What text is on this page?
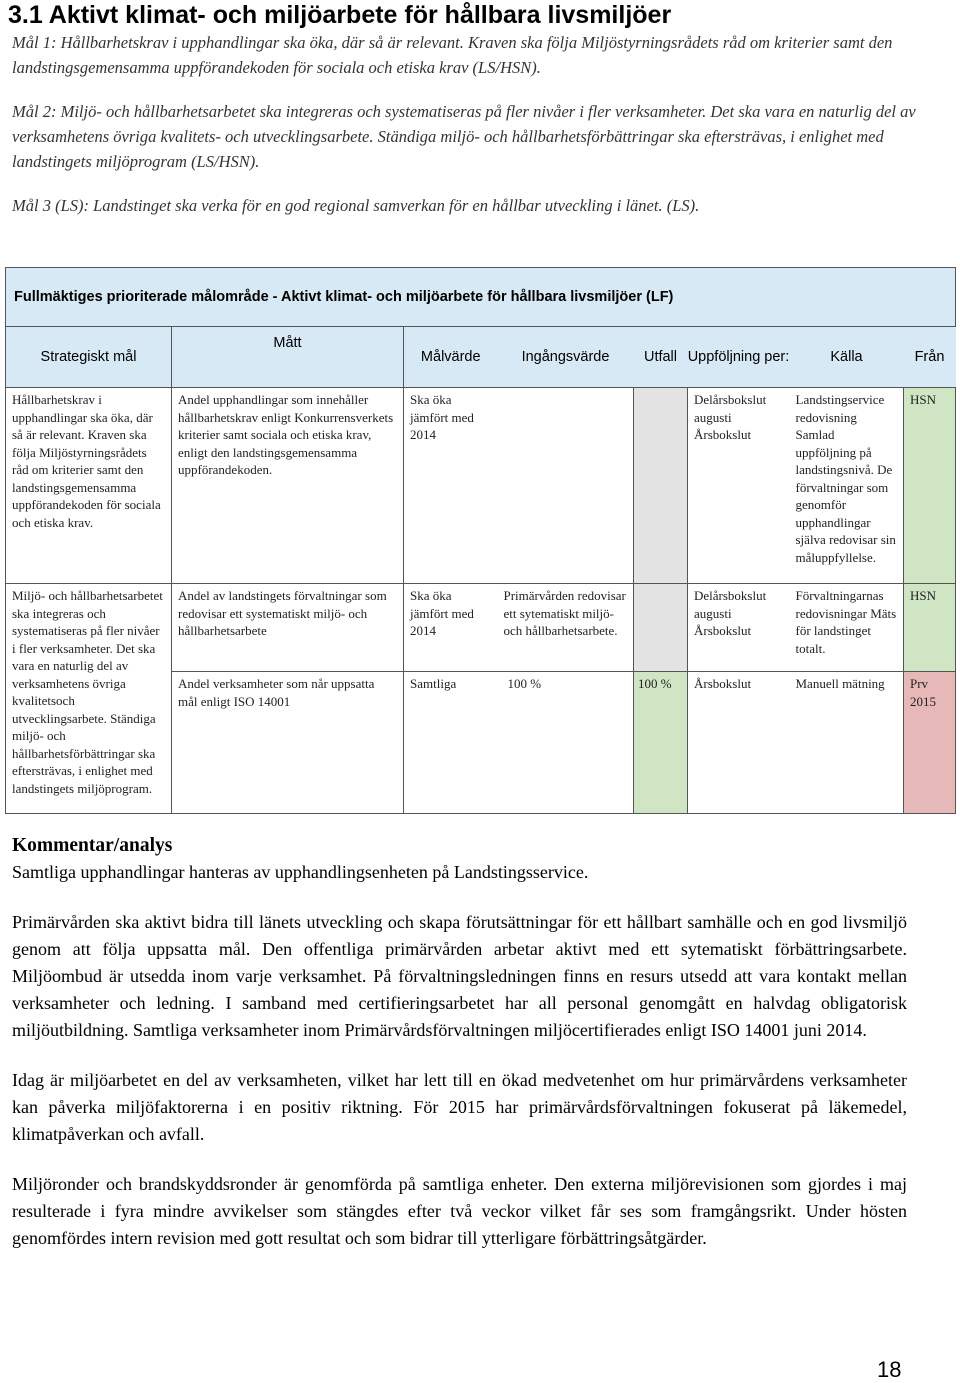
3.1 Aktivt klimat- och miljöarbete för hållbara livsmiljöer

Mål 1: Hållbarhetskrav i upphandlingar ska öka, där så är relevant. Kraven ska följa Miljöstyrningsrådets råd om kriterier samt den landstingsgemensamma uppförandekoden för sociala och etiska krav (LS/HSN).

Mål 2: Miljö- och hållbarhetsarbetet ska integreras och systematiseras på fler nivåer i fler verksamheter. Det ska vara en naturlig del av verksamhetens övriga kvalitets- och utvecklingsarbete. Ständiga miljö- och hållbarhetsförbättringar ska eftersträvas, i enlighet med landstingets miljöprogram (LS/HSN).

Mål 3 (LS): Landstinget ska verka för en god regional samverkan för en hållbar utveckling i länet. (LS).

Fullmäktiges prioriterade målområde - Aktivt klimat- och miljöarbete för hållbara livsmiljöer (LF)							
Strategiskt mål	Mått	Målvärde	Ingångsvärde	Utfall	Uppföljning per:	Källa	Från
Hållbarhetskrav i upphandlingar ska öka, där så är relevant. Kraven ska följa Miljöstyrningsrådets råd om kriterier samt den landstingsgemensamma uppförandekoden för sociala och etiska krav.	Andel upphandlingar som innehåller hållbarhetskrav enligt Konkurrensverkets kriterier samt sociala och etiska krav, enligt den landstingsgemensamma uppförandekoden.	Ska öka jämfört med 2014			Delårsbokslut augusti Årsbokslut	Landstingservice redovisning Samlad uppföljning på landstingsnivå. De förvaltningar som genomför upphandlingar själva redovisar sin måluppfyllelse.	HSN
Miljö- och hållbarhetsarbetet ska integreras och systematiseras på fler nivåer i fler verksamheter. Det ska vara en naturlig del av verksamhetens övriga kvalitetsoch utvecklingsarbete. Ständiga miljö- och hållbarhetsförbättringar ska eftersträvas, i enlighet med landstingets miljöprogram.	Andel av landstingets förvaltningar som redovisar ett systematiskt miljö- och hållbarhetsarbete	Ska öka jämfört med 2014	Primärvården redovisar ett sytematiskt miljö- och hållbarhetsarbete.		Delårsbokslut augusti Årsbokslut	Förvaltningarnas redovisningar Mäts för landstinget totalt.	HSN
	Andel verksamheter som når uppsatta mål enligt ISO 14001	Samtliga	100 %	100 %	Årsbokslut	Manuell mätning	Prv 2015
Kommentar/analys

Samtliga upphandlingar hanteras av upphandlingsenheten på Landstingsservice.

Primärvården ska aktivt bidra till länets utveckling och skapa förutsättningar för ett hållbart samhälle och en god livsmiljö genom att följa uppsatta mål. Den offentliga primärvården arbetar aktivt med ett sytematiskt förbättringsarbete. Miljöombud är utsedda inom varje verksamhet. På förvaltningsledningen finns en resurs utsedd att vara kontakt mellan verksamheter och ledning. I samband med certifieringsarbetet har all personal genomgått en halvdag obligatorisk miljöutbildning. Samtliga verksamheter inom Primärvårdsförvaltningen miljöcertifierades enligt ISO 14001 juni 2014.

Idag är miljöarbetet en del av verksamheten, vilket har lett till en ökad medvetenhet om hur primärvårdens verksamheter kan påverka miljöfaktorerna i en positiv riktning. För 2015 har primärvårdsförvaltningen fokuserat på läkemedel, klimatpåverkan och avfall.

Miljöronder och brandskyddsronder är genomförda på samtliga enheter. Den externa miljörevisionen som gjordes i maj resulterade i fyra mindre avvikelser som stängdes efter två veckor vilket får ses som framgångsrikt. Under hösten genomfördes intern revision med gott resultat och som bidrar till ytterligare förbättringsåtgärder.

18
